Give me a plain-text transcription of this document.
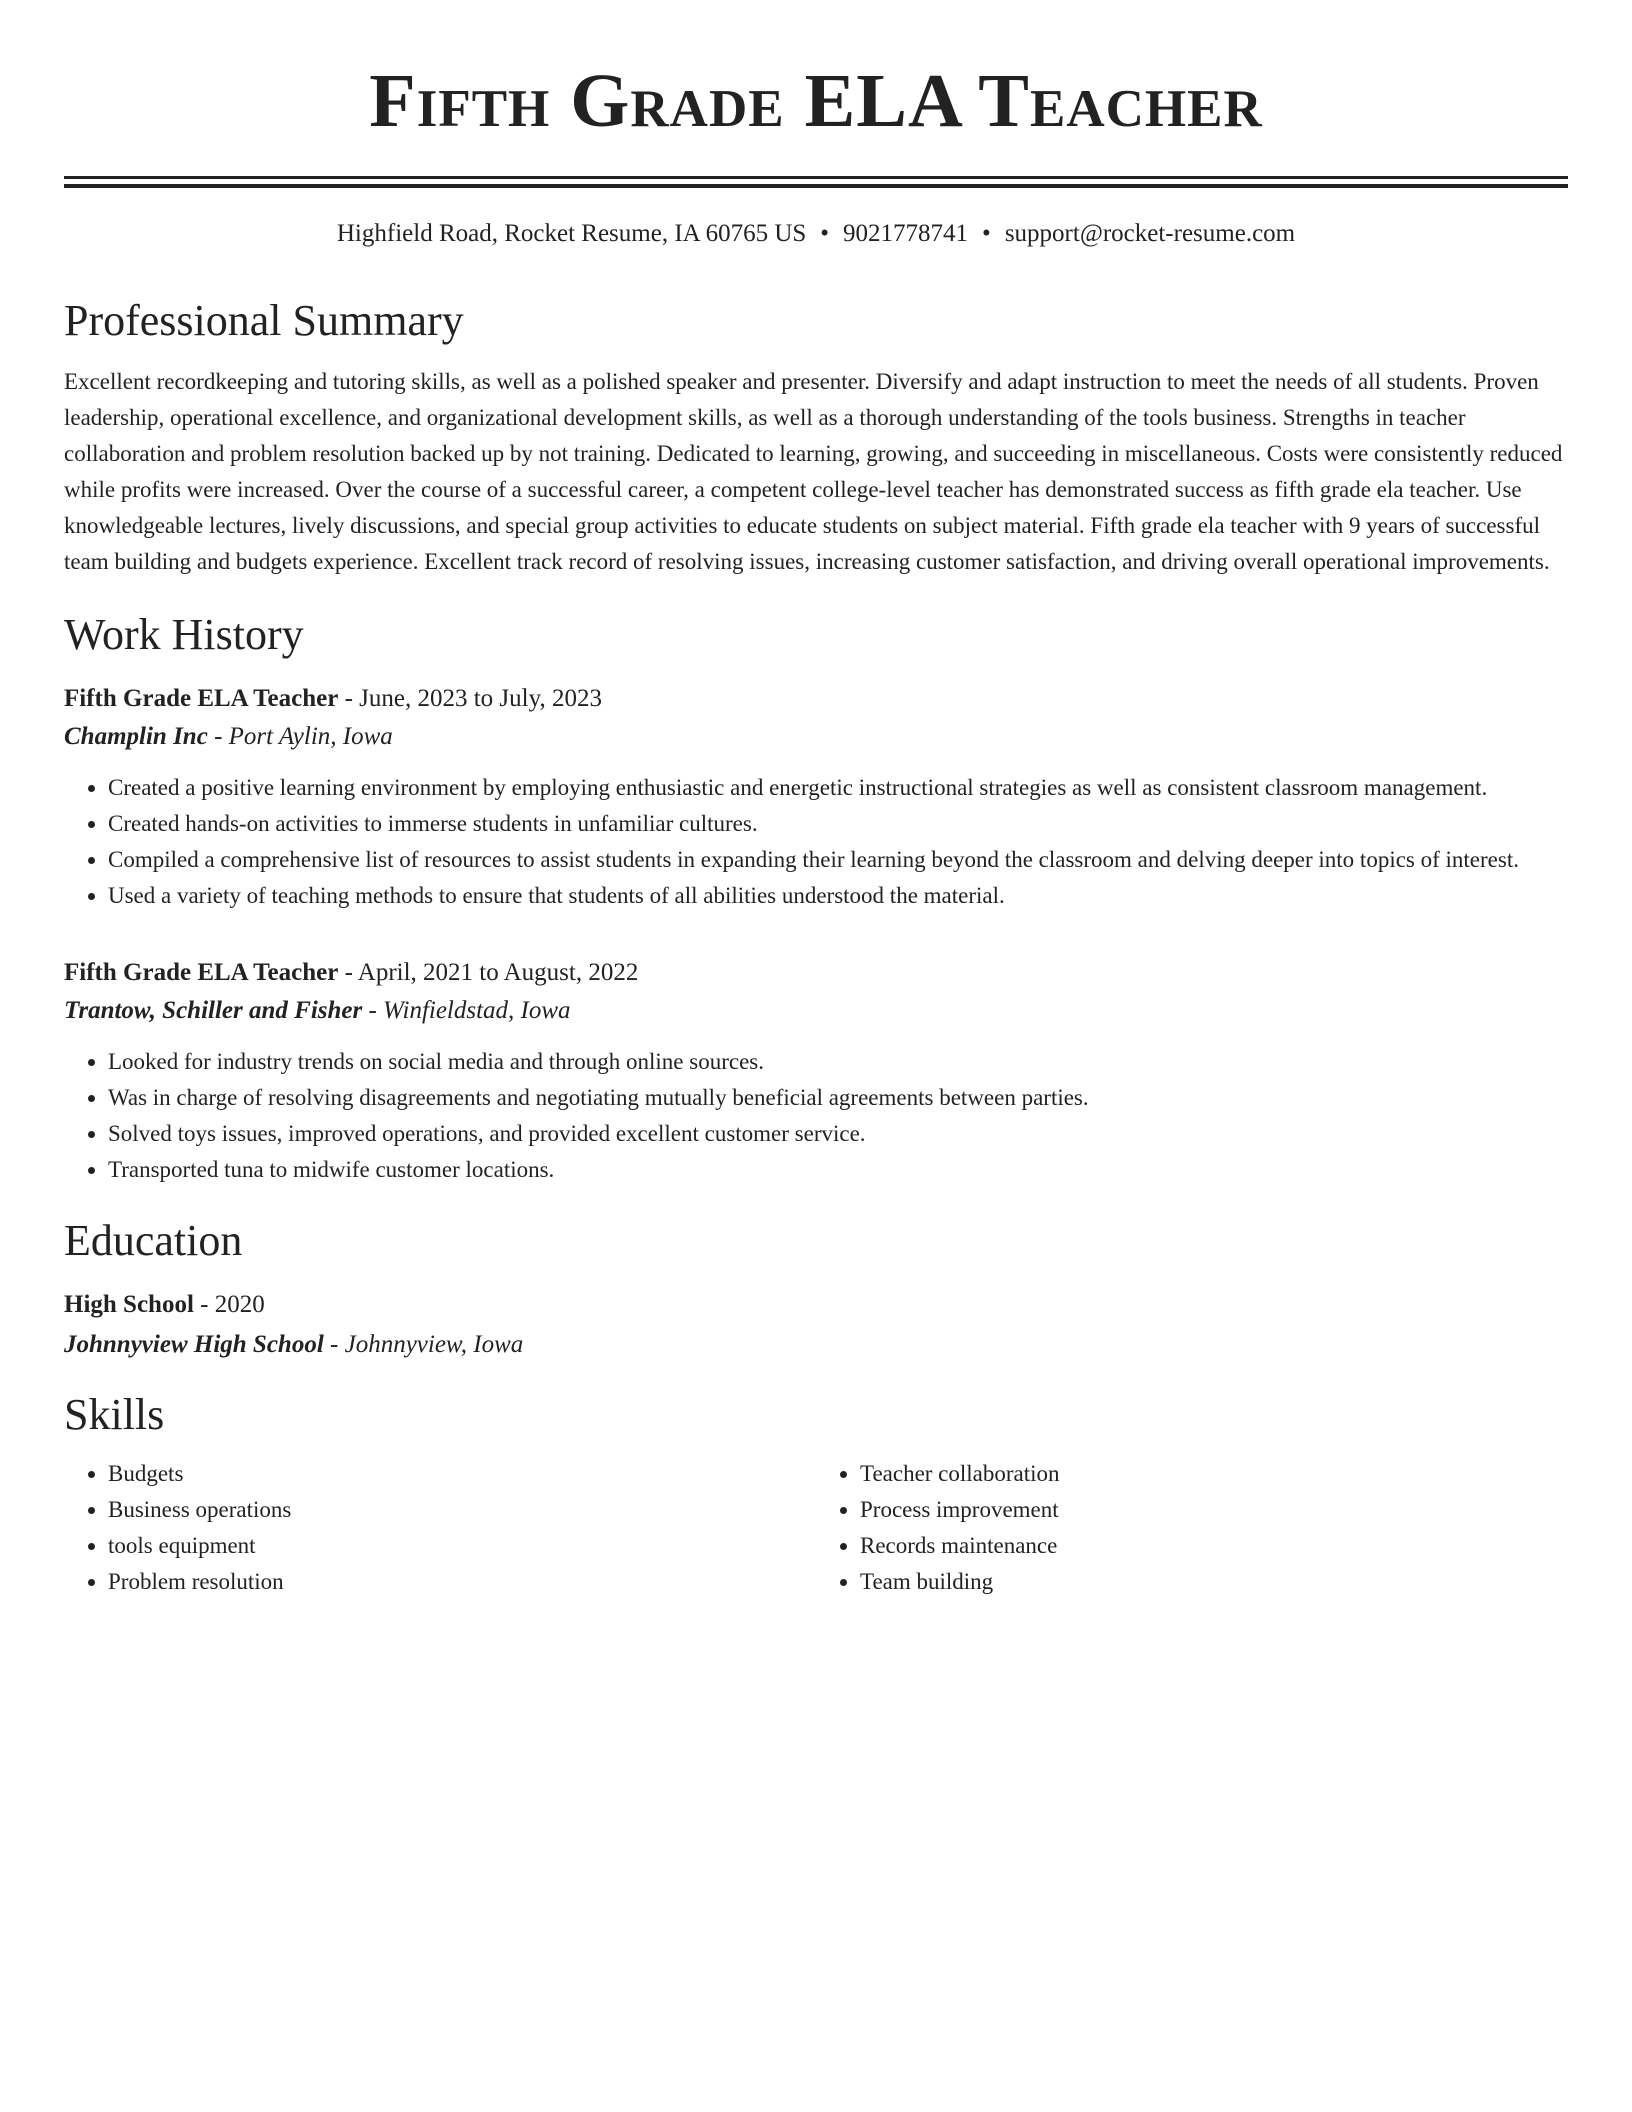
Fifth Grade ELA Teacher
Highfield Road, Rocket Resume, IA 60765 US • 9021778741 • support@rocket-resume.com
Professional Summary

Excellent recordkeeping and tutoring skills, as well as a polished speaker and presenter. Diversify and adapt instruction to meet the needs of all students. Proven leadership, operational excellence, and organizational development skills, as well as a thorough understanding of the tools business. Strengths in teacher collaboration and problem resolution backed up by not training. Dedicated to learning, growing, and succeeding in miscellaneous. Costs were consistently reduced while profits were increased. Over the course of a successful career, a competent college-level teacher has demonstrated success as fifth grade ela teacher. Use knowledgeable lectures, lively discussions, and special group activities to educate students on subject material. Fifth grade ela teacher with 9 years of successful team building and budgets experience. Excellent track record of resolving issues, increasing customer satisfaction, and driving overall operational improvements.

Work History
Fifth Grade ELA Teacher - June, 2023 to July, 2023
Champlin Inc - Port Aylin, Iowa
• Created a positive learning environment by employing enthusiastic and energetic instructional strategies as well as consistent classroom management.
• Created hands-on activities to immerse students in unfamiliar cultures.
• Compiled a comprehensive list of resources to assist students in expanding their learning beyond the classroom and delving deeper into topics of interest.
• Used a variety of teaching methods to ensure that students of all abilities understood the material.
Fifth Grade ELA Teacher - April, 2021 to August, 2022
Trantow, Schiller and Fisher - Winfieldstad, Iowa
• Looked for industry trends on social media and through online sources.
• Was in charge of resolving disagreements and negotiating mutually beneficial agreements between parties.
• Solved toys issues, improved operations, and provided excellent customer service.
• Transported tuna to midwife customer locations.
Education
High School - 2020
Johnnyview High School - Johnnyview, Iowa
Skills
• Budgets
• Business operations
• tools equipment
• Problem resolution
• Teacher collaboration
• Process improvement
• Records maintenance
• Team building
